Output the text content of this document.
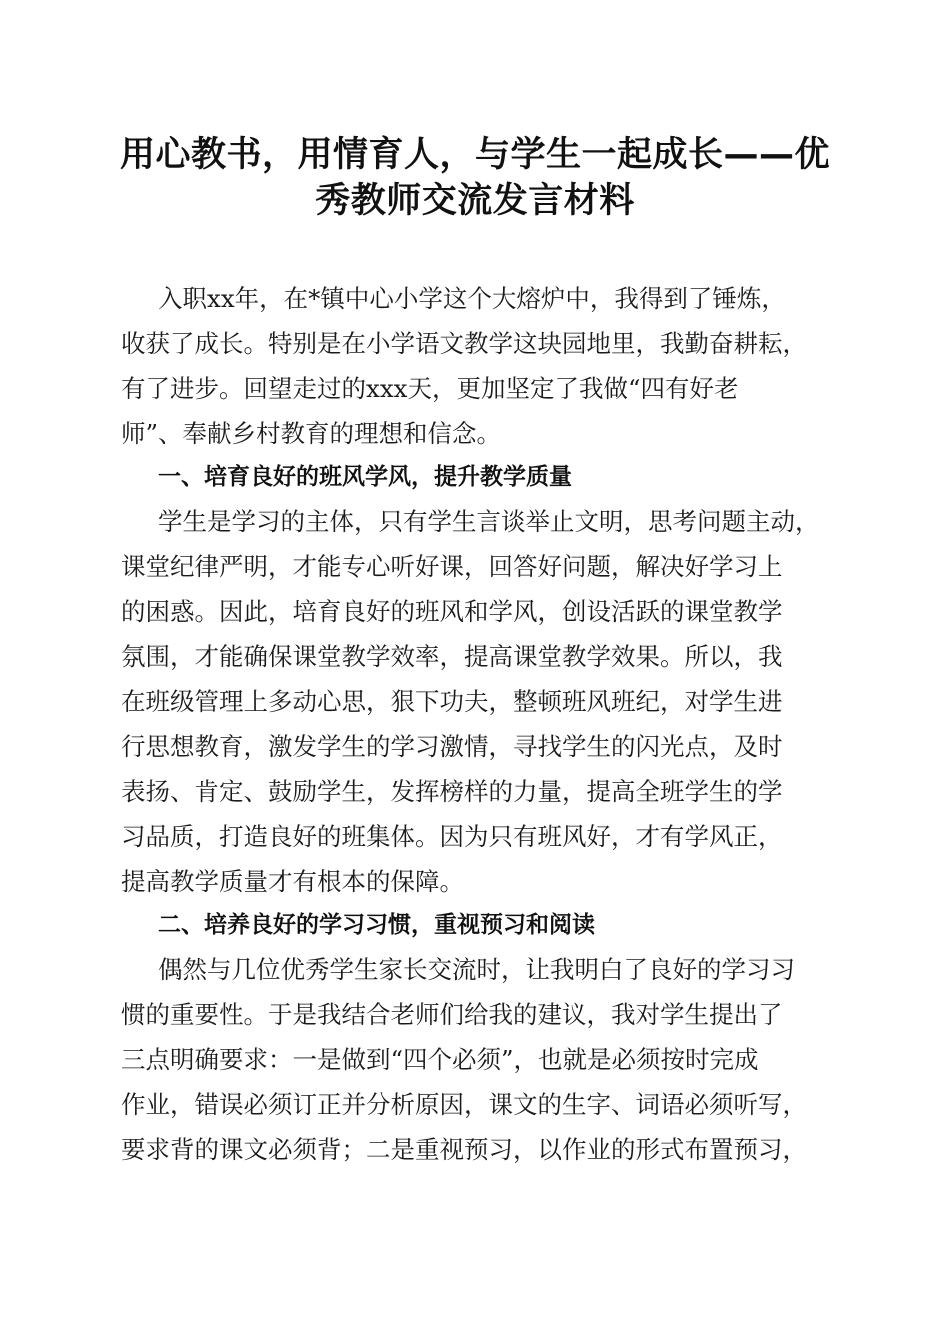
用心教书，用情育人，与学生一起成长——优
秀教师交流发言材料

入职xx年，在*镇中心小学这个大熔炉中，我得到了锤炼，

收获了成长。特别是在小学语文教学这块园地里，我勤奋耕耘，

有了进步。回望走过的xxx天，更加坚定了我做“四有好老

师”、奉献乡村教育的理想和信念。

一、培育良好的班风学风，提升教学质量

学生是学习的主体，只有学生言谈举止文明，思考问题主动，

课堂纪律严明，才能专心听好课，回答好问题，解决好学习上

的困惑。因此，培育良好的班风和学风，创设活跃的课堂教学

氛围，才能确保课堂教学效率，提高课堂教学效果。所以，我

在班级管理上多动心思，狠下功夫，整顿班风班纪，对学生进

行思想教育，激发学生的学习激情，寻找学生的闪光点，及时

表扬、肯定、鼓励学生，发挥榜样的力量，提高全班学生的学

习品质，打造良好的班集体。因为只有班风好，才有学风正，

提高教学质量才有根本的保障。

二、培养良好的学习习惯，重视预习和阅读

偶然与几位优秀学生家长交流时，让我明白了良好的学习习

惯的重要性。于是我结合老师们给我的建议，我对学生提出了

三点明确要求：一是做到“四个必须”，也就是必须按时完成

作业，错误必须订正并分析原因，课文的生字、词语必须听写，

要求背的课文必须背；二是重视预习，以作业的形式布置预习，
